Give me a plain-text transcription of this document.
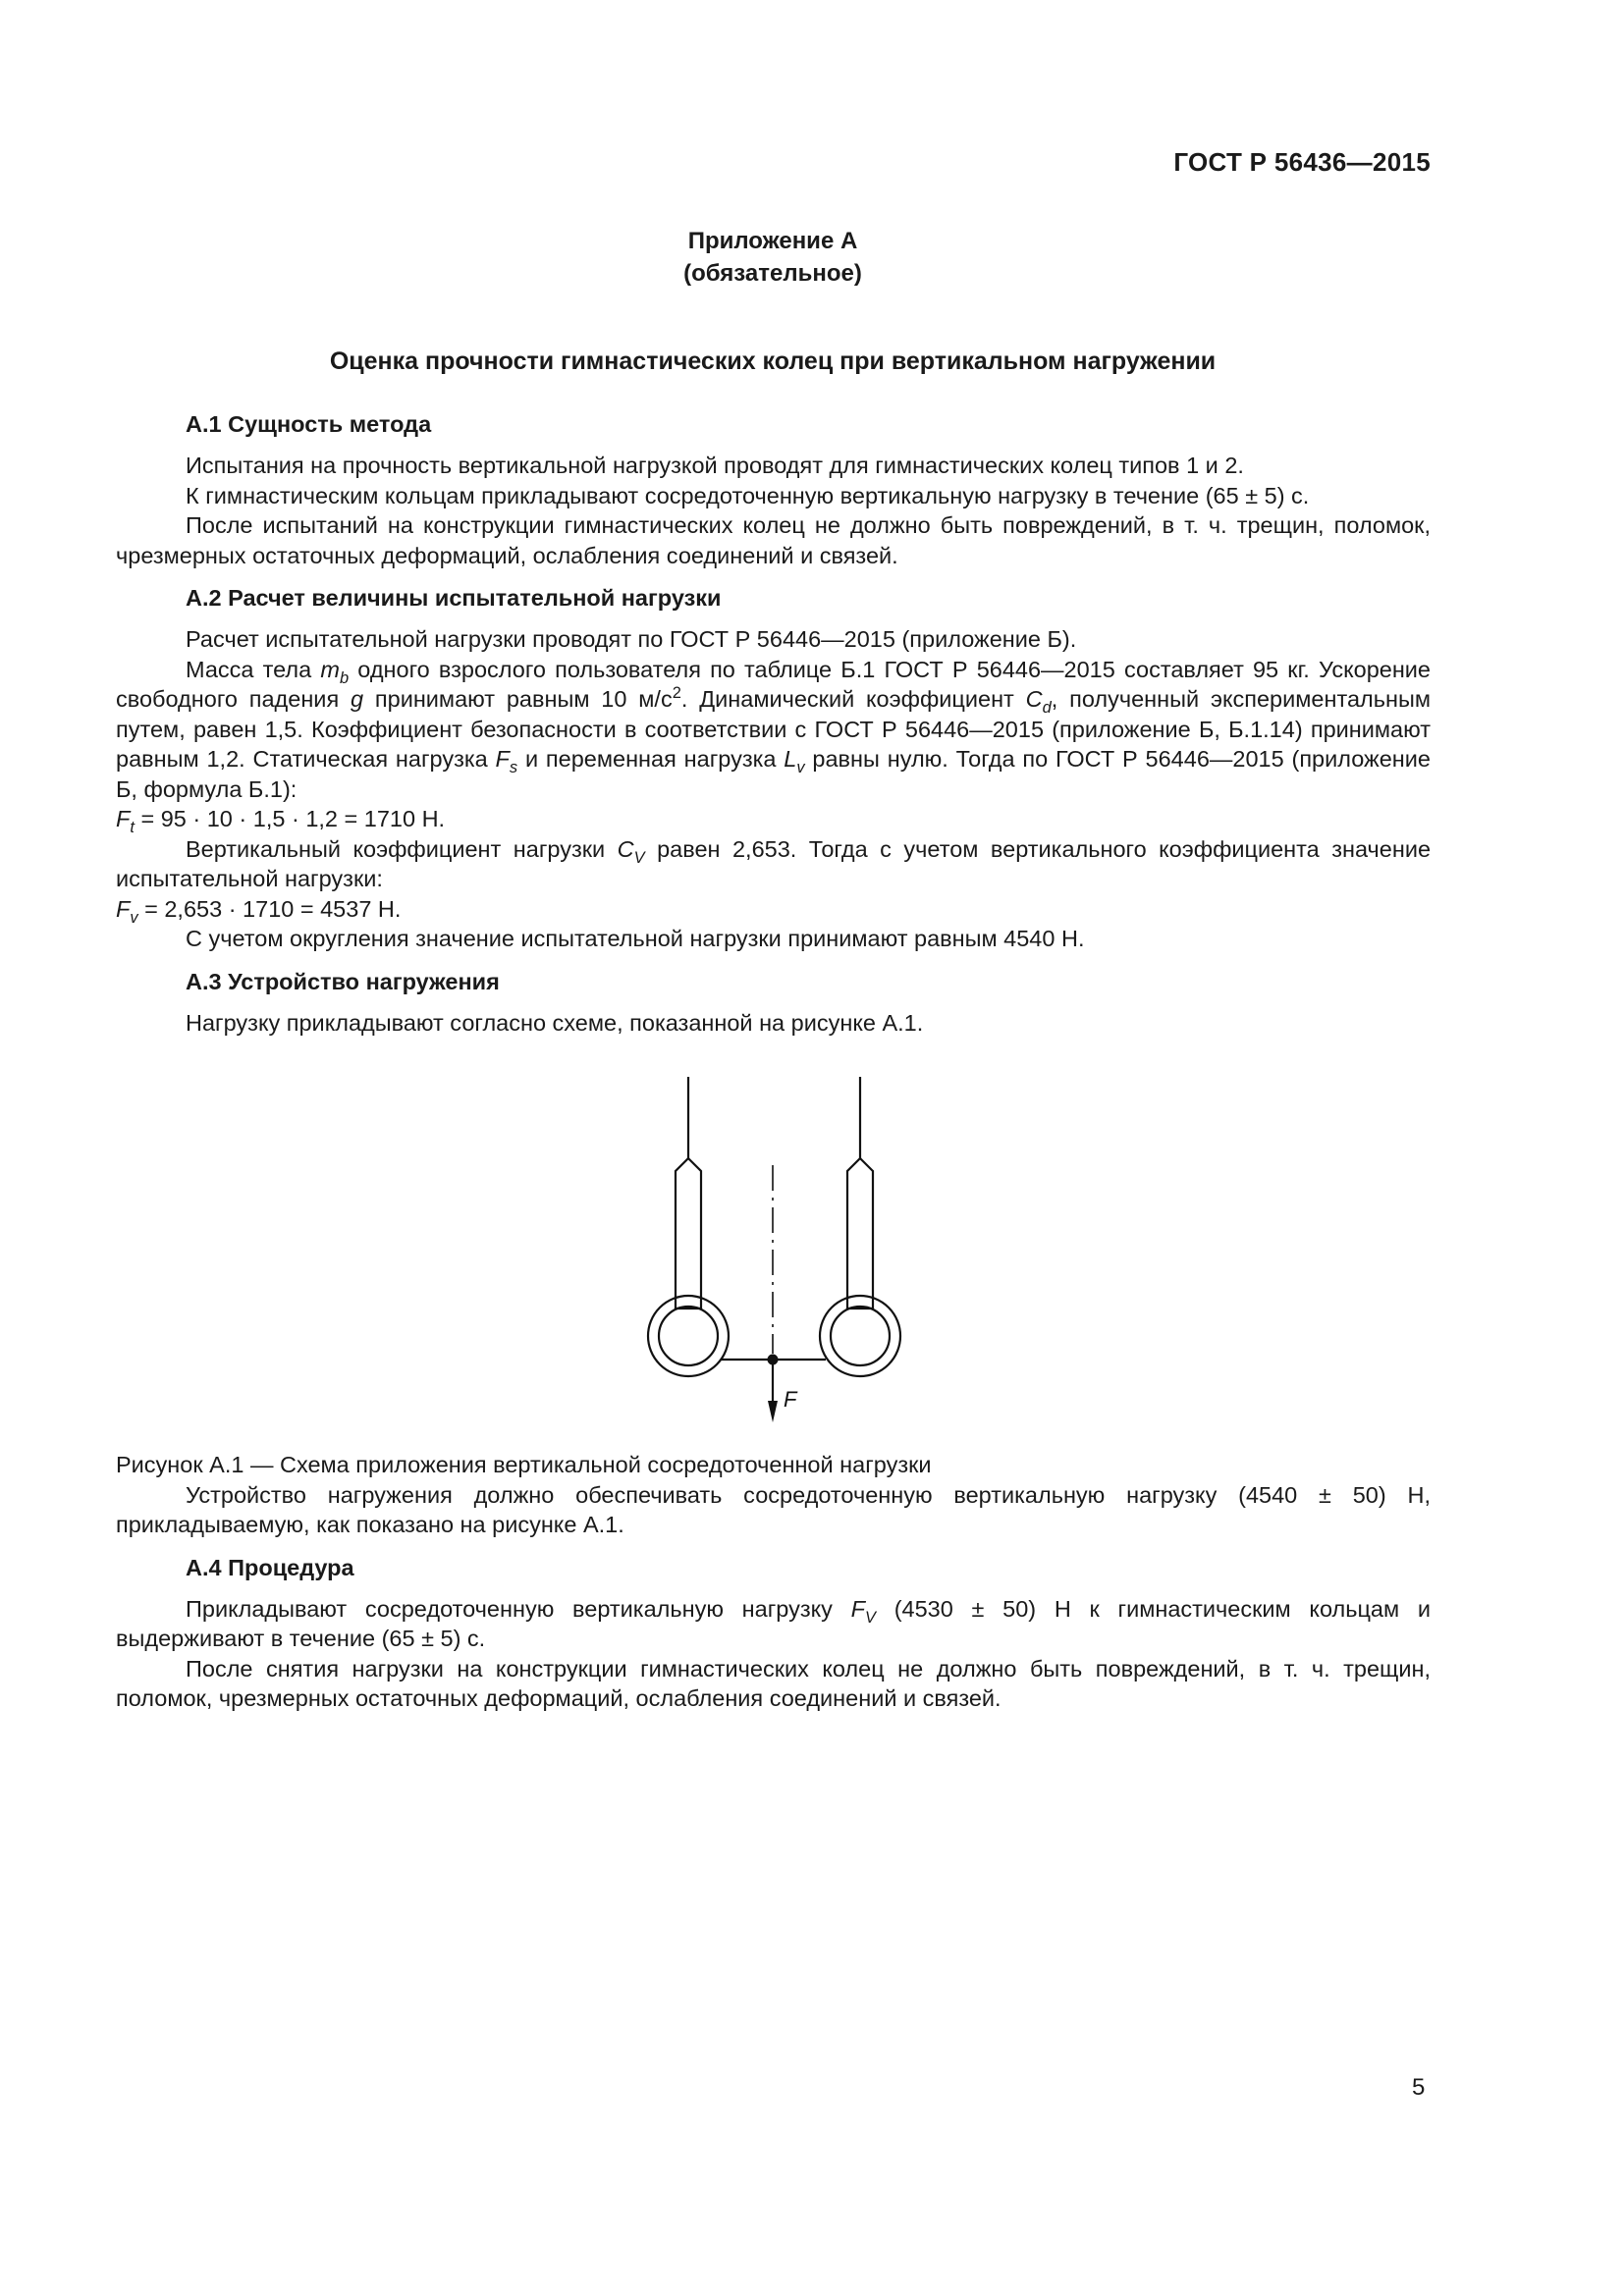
ГОСТ Р 56436—2015
Приложение А
(обязательное)
Оценка прочности гимнастических колец при вертикальном нагружении
А.1 Сущность метода

Испытания на прочность вертикальной нагрузкой проводят для гимнастических колец типов 1 и 2.

К гимнастическим кольцам прикладывают сосредоточенную вертикальную нагрузку в течение (65 ± 5) с.

После испытаний на конструкции гимнастических колец не должно быть повреждений, в т. ч. трещин, поломок, чрезмерных остаточных деформаций, ослабления соединений и связей.

А.2 Расчет величины испытательной нагрузки

Расчет испытательной нагрузки проводят по ГОСТ Р 56446—2015 (приложение Б).

Масса тела $m_b$ одного взрослого пользователя по таблице Б.1 ГОСТ Р 56446—2015 составляет 95 кг. Ускорение свободного падения g принимают равным 10 $м/с^2$. Динамический коэффициент $C_d$, полученный экспериментальным путем, равен 1,5. Коэффициент безопасности в соответствии с ГОСТ Р 56446—2015 (приложение Б, Б.1.14) принимают равным 1,2. Статическая нагрузка $F_s$ и переменная нагрузка $L_v$ равны нулю. Тогда по ГОСТ Р 56446—2015 (приложение Б, формула Б.1):

$F_t = 95 \cdot 10 \cdot 1,5 \cdot 1,2 = 1710$ Н.

Вертикальный коэффициент нагрузки $C_V$ равен 2,653. Тогда с учетом вертикального коэффициента значение испытательной нагрузки:

$F_v = 2,653 \cdot 1710 = 4537$ Н.

С учетом округления значение испытательной нагрузки принимают равным 4540 Н.

А.3 Устройство нагружения

Нагрузку прикладывают согласно схеме, показанной на рисунке А.1.

F

Рисунок А.1 — Схема приложения вертикальной сосредоточенной нагрузки

Устройство нагружения должно обеспечивать сосредоточенную вертикальную нагрузку (4540 ± 50) Н, прикладываемую, как показано на рисунке А.1.

А.4 Процедура

Прикладывают сосредоточенную вертикальную нагрузку $F_V$ (4530 ± 50) Н к гимнастическим кольцам и выдерживают в течение (65 ± 5) с.

После снятия нагрузки на конструкции гимнастических колец не должно быть повреждений, в т. ч. трещин, поломок, чрезмерных остаточных деформаций, ослабления соединений и связей.

5
